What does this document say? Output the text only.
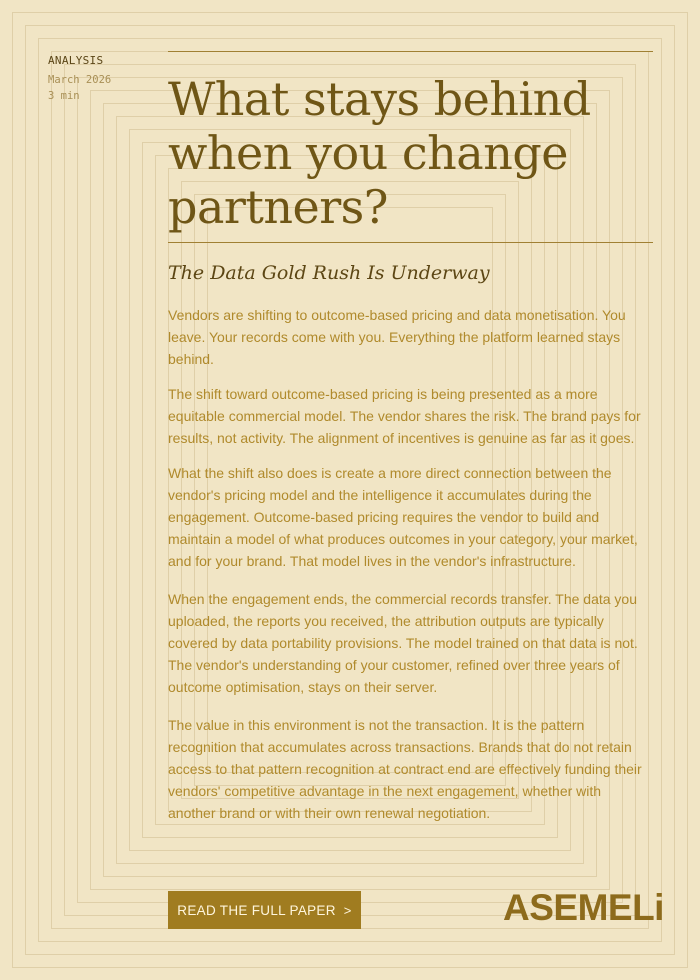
ANALYSIS
March 2026
3 min	What stays behind when you change partners?
The Data Gold Rush Is Underway

Vendors are shifting to outcome-based pricing and data monetisation. You leave. Your records come with you. Everything the platform learned stays behind.

The shift toward outcome-based pricing is being presented as a more equitable commercial model. The vendor shares the risk. The brand pays for results, not activity. The alignment of incentives is genuine as far as it goes.

What the shift also does is create a more direct connection between the vendor's pricing model and the intelligence it accumulates during the engagement. Outcome-based pricing requires the vendor to build and maintain a model of what produces outcomes in your category, your market, and for your brand. That model lives in the vendor's infrastructure.

When the engagement ends, the commercial records transfer. The data you uploaded, the reports you received, the attribution outputs are typically covered by data portability provisions. The model trained on that data is not. The vendor's understanding of your customer, refined over three years of outcome optimisation, stays on their server.

The value in this environment is not the transaction. It is the pattern recognition that accumulates across transactions. Brands that do not retain access to that pattern recognition at contract end are effectively funding their vendors' competitive advantage in the next engagement, whether with another brand or with their own renewal negotiation.

READ THE FULL PAPER >	ASEMELi
